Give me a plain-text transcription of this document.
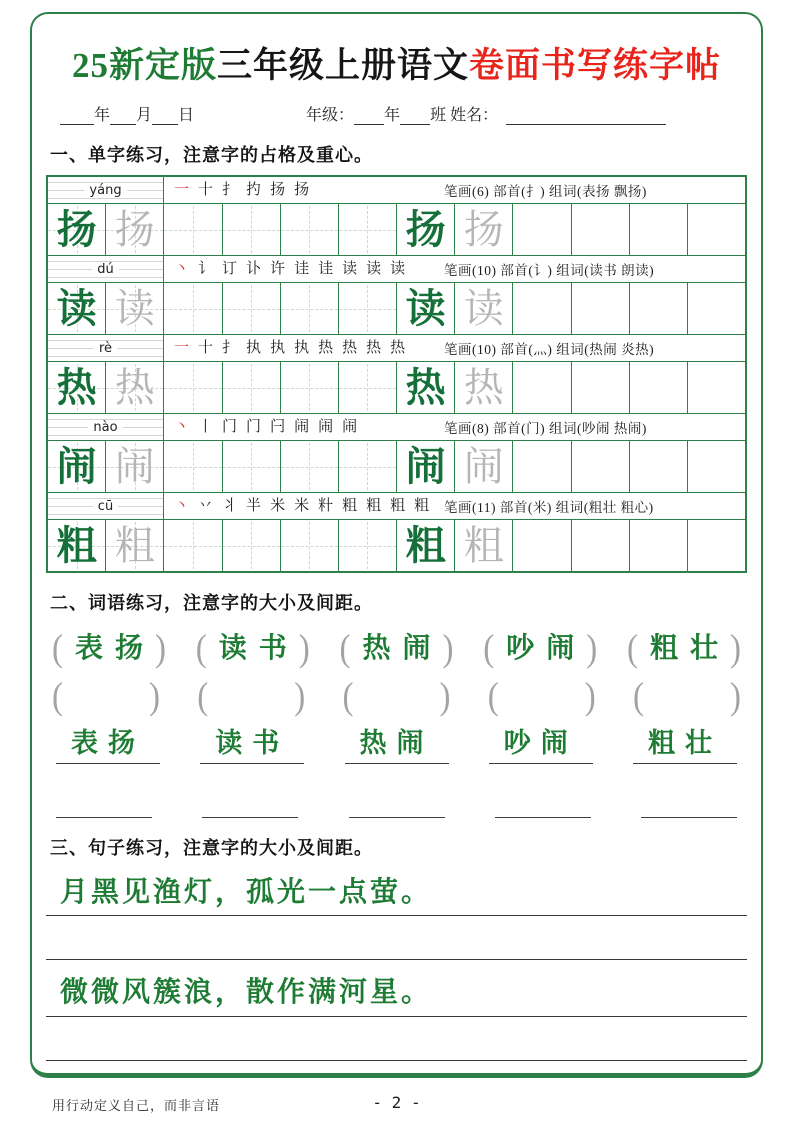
25新定版三年级上册语文卷面书写练字帖
年 月 日	年级： 年 班
姓名：
一、单字练习，注意字的占格及重心。
yáng	一 十 扌 扚 扬 扬	笔画(6) 部首(扌) 组词(表扬 飘扬)
扬 扬	扬 扬
dú	丶 讠 订 讣 许 诖 诖 读 读 读	笔画(10) 部首(讠) 组词(读书 朗读)
读 读	读 读
rè	一 十 扌 执 执 执 热 热 热 热	笔画(10) 部首(灬) 组词(热闹 炎热)
热 热	热 热
nào	丶 丨 门 门 闩 闹 闹 闹	笔画(8) 部首(门) 组词(吵闹 热闹)
闹 闹	闹 闹
cū	丶 丷 丬 半 米 米 籵 粗 粗 粗 粗 笔画(11) 部首(米) 组词(粗壮 粗心)
粗 粗	粗 粗
二、词语练习，注意字的大小及间距。
( 表扬 ) ( 读书 ) ( 热闹 ) ( 吵闹 ) ( 粗壮 )
(	) (	) (	) (	) (	)
表扬	读书	热闹	吵闹	粗壮
三、句子练习，注意字的大小及间距。
月黑见渔灯，孤光一点萤。
微微风簇浪，散作满河星。
用行动定义自己，而非言语	- 2 -
